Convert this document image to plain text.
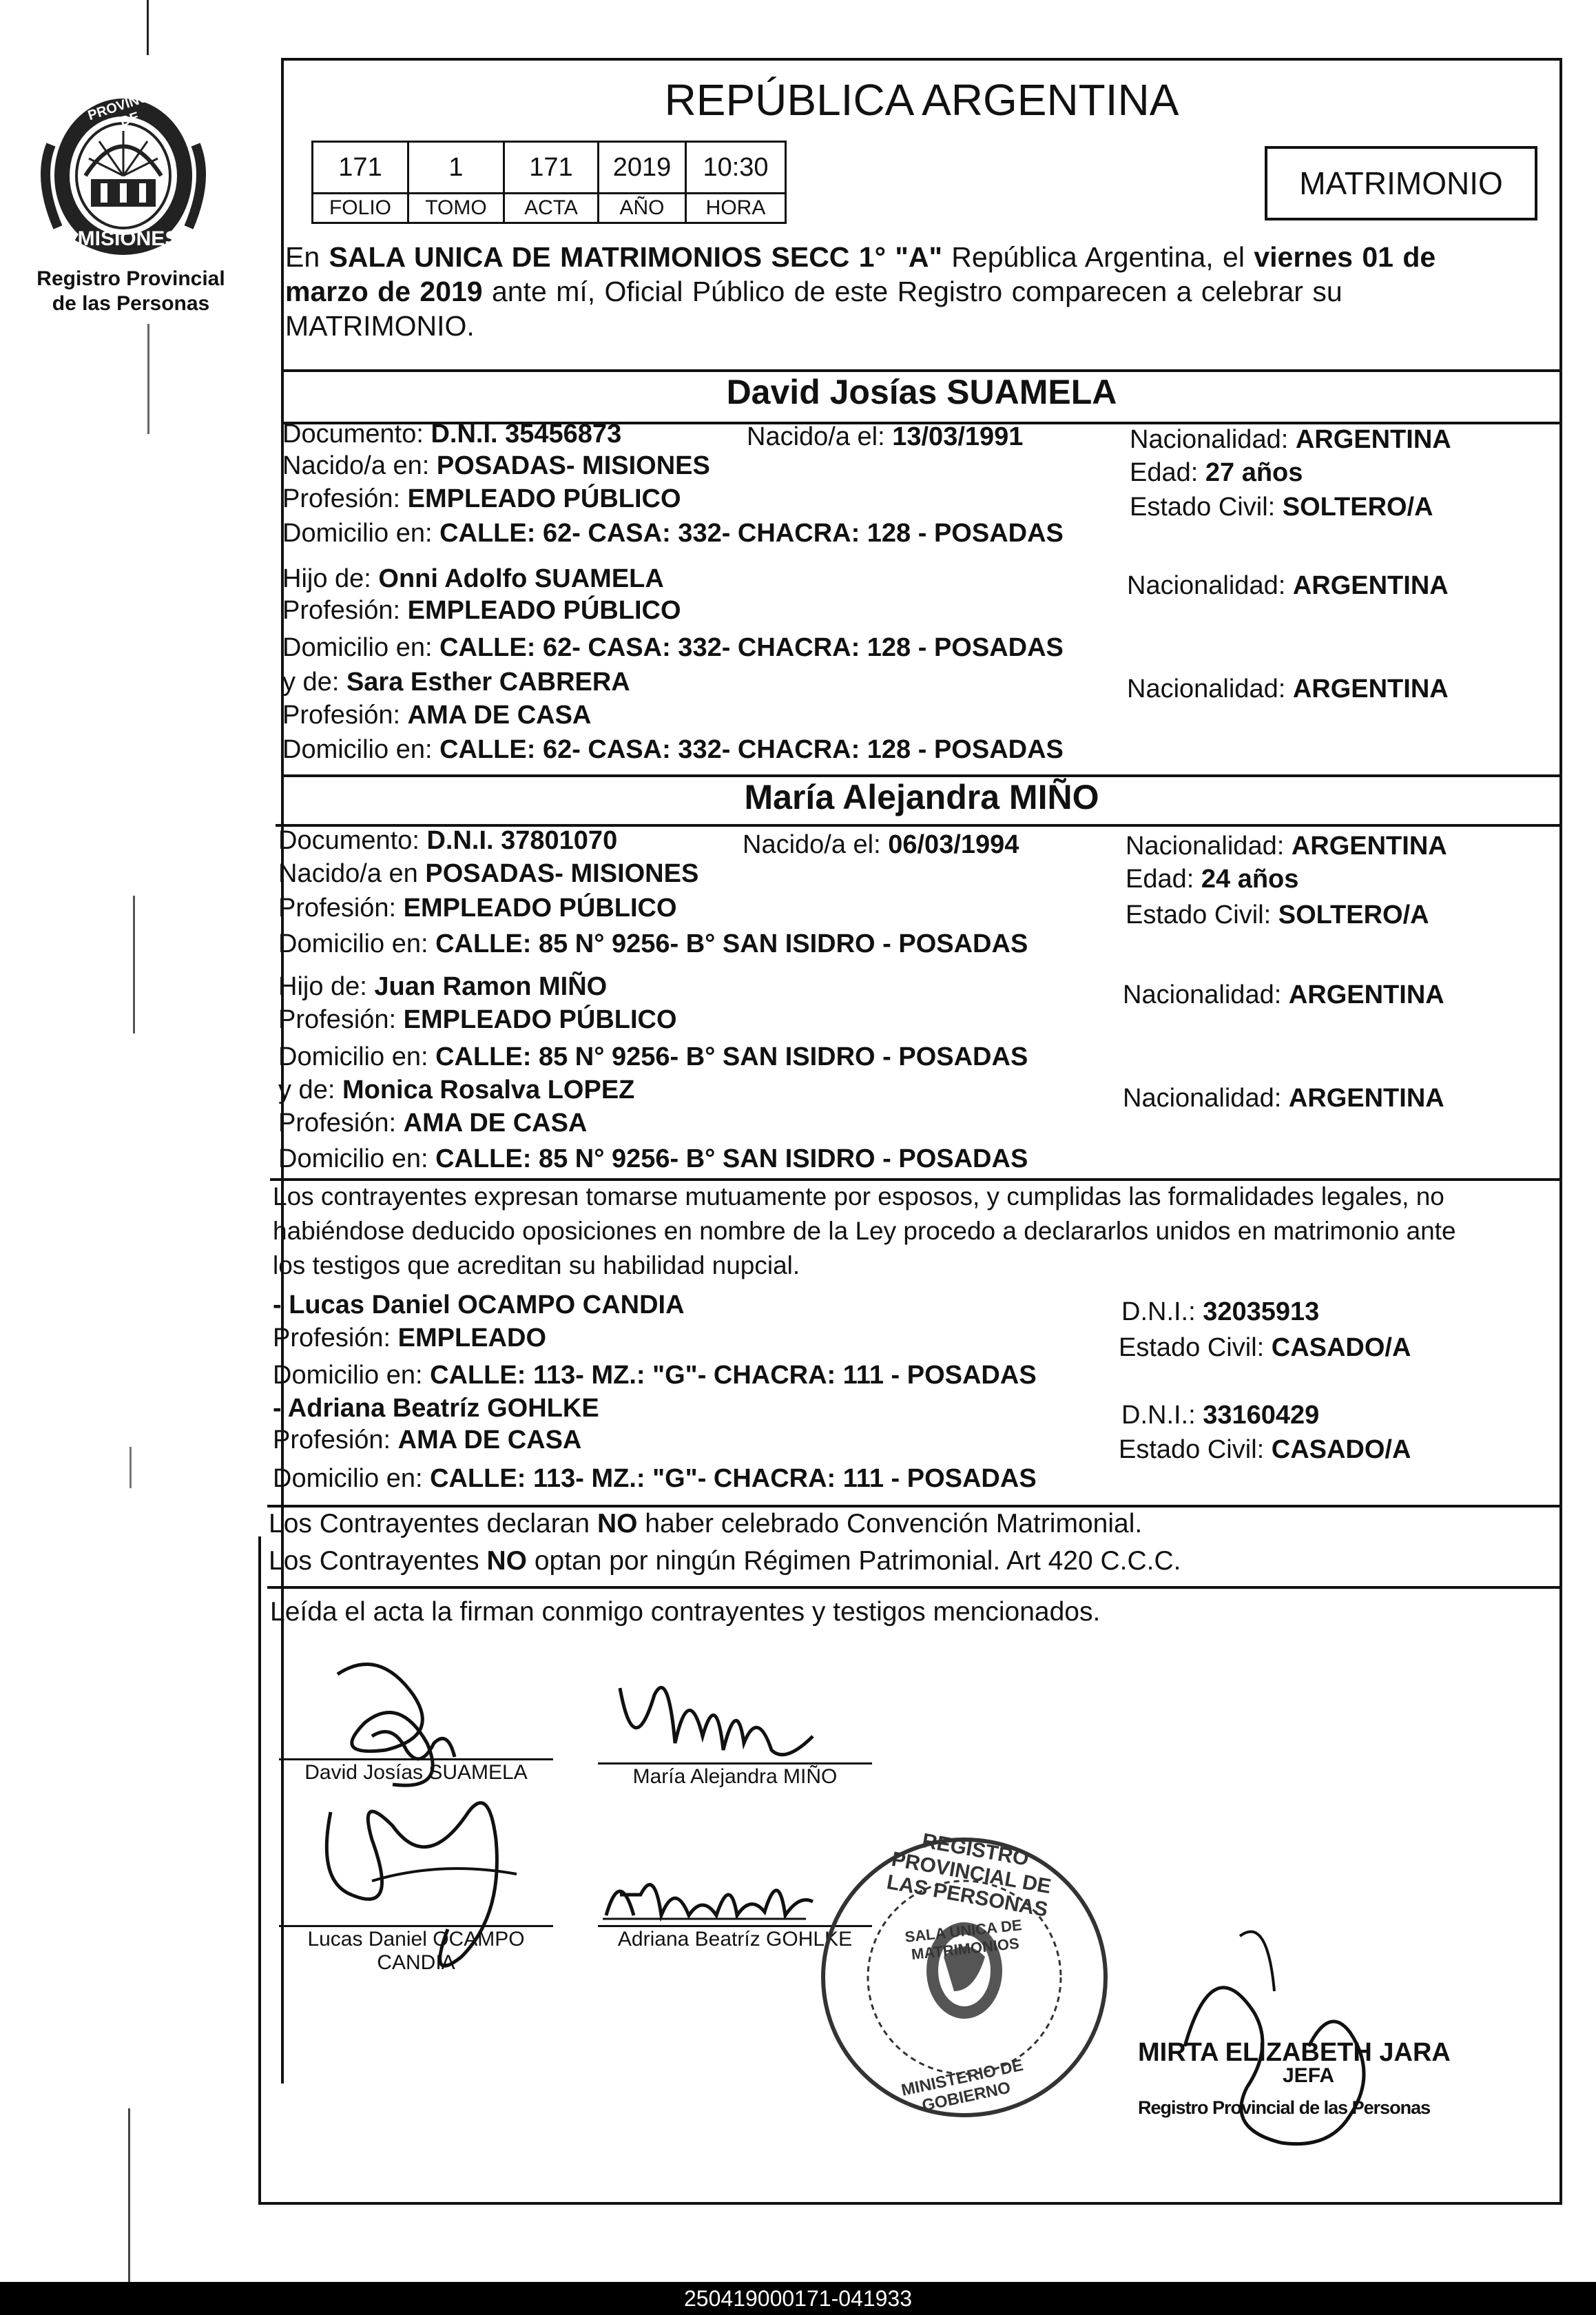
PROVINCIA DE
MISIONES
Registro Provincial
de las Personas
REPÚBLICA ARGENTINA
171	1	171	2019	10:30
FOLIO	TOMO	ACTA	AÑO	HORA
MATRIMONIO
En SALA UNICA DE MATRIMONIOS SECC 1° "A" República Argentina, el viernes 01 de
marzo de 2019 ante mí, Oficial Público de este Registro comparecen a celebrar su
MATRIMONIO.
David Josías SUAMELA
Documento: D.N.I. 35456873	Nacido/a el: 13/03/1991	Nacionalidad: ARGENTINA
Nacido/a en: POSADAS- MISIONES	Edad: 27 años
Profesión: EMPLEADO PÚBLICO	Estado Civil: SOLTERO/A
Domicilio en: CALLE: 62- CASA: 332- CHACRA: 128 - POSADAS
Hijo de: Onni Adolfo SUAMELA	Nacionalidad: ARGENTINA
Profesión: EMPLEADO PÚBLICO
Domicilio en: CALLE: 62- CASA: 332- CHACRA: 128 - POSADAS
y de: Sara Esther CABRERA	Nacionalidad: ARGENTINA
Profesión: AMA DE CASA
Domicilio en: CALLE: 62- CASA: 332- CHACRA: 128 - POSADAS
María Alejandra MIÑO
Documento: D.N.I. 37801070	Nacido/a el: 06/03/1994	Nacionalidad: ARGENTINA
Nacido/a en POSADAS- MISIONES	Edad: 24 años
Profesión: EMPLEADO PÚBLICO	Estado Civil: SOLTERO/A
Domicilio en: CALLE: 85 N° 9256- B° SAN ISIDRO - POSADAS
Hijo de: Juan Ramon MIÑO	Nacionalidad: ARGENTINA
Profesión: EMPLEADO PÚBLICO
Domicilio en: CALLE: 85 N° 9256- B° SAN ISIDRO - POSADAS
y de: Monica Rosalva LOPEZ	Nacionalidad: ARGENTINA
Profesión: AMA DE CASA
Domicilio en: CALLE: 85 N° 9256- B° SAN ISIDRO - POSADAS
Los contrayentes expresan tomarse mutuamente por esposos, y cumplidas las formalidades legales, no
habiéndose deducido oposiciones en nombre de la Ley procedo a declararlos unidos en matrimonio ante
los testigos que acreditan su habilidad nupcial.
- Lucas Daniel OCAMPO CANDIA	D.N.I.: 32035913
Profesión: EMPLEADO	Estado Civil: CASADO/A
Domicilio en: CALLE: 113- MZ.: "G"- CHACRA: 111 - POSADAS
- Adriana Beatríz GOHLKE	D.N.I.: 33160429
Profesión: AMA DE CASA	Estado Civil: CASADO/A
Domicilio en: CALLE: 113- MZ.: "G"- CHACRA: 111 - POSADAS
Los Contrayentes declaran NO haber celebrado Convención Matrimonial.
Los Contrayentes NO optan por ningún Régimen Patrimonial. Art 420 C.C.C.
Leída el acta la firman conmigo contrayentes y testigos mencionados.
David Josías SUAMELA	María Alejandra MIÑO
Lucas Daniel OCAMPO
CANDIA
Adriana Beatríz GOHLKE
REGISTRO PROVINCIAL DE LAS PERSONAS
SALA UNICA DE MATRIMONIOS
MINISTERIO DE GOBIERNO
MIRTA ELIZABETH JARA
JEFA
Registro Provincial de las Personas
250419000171-041933
